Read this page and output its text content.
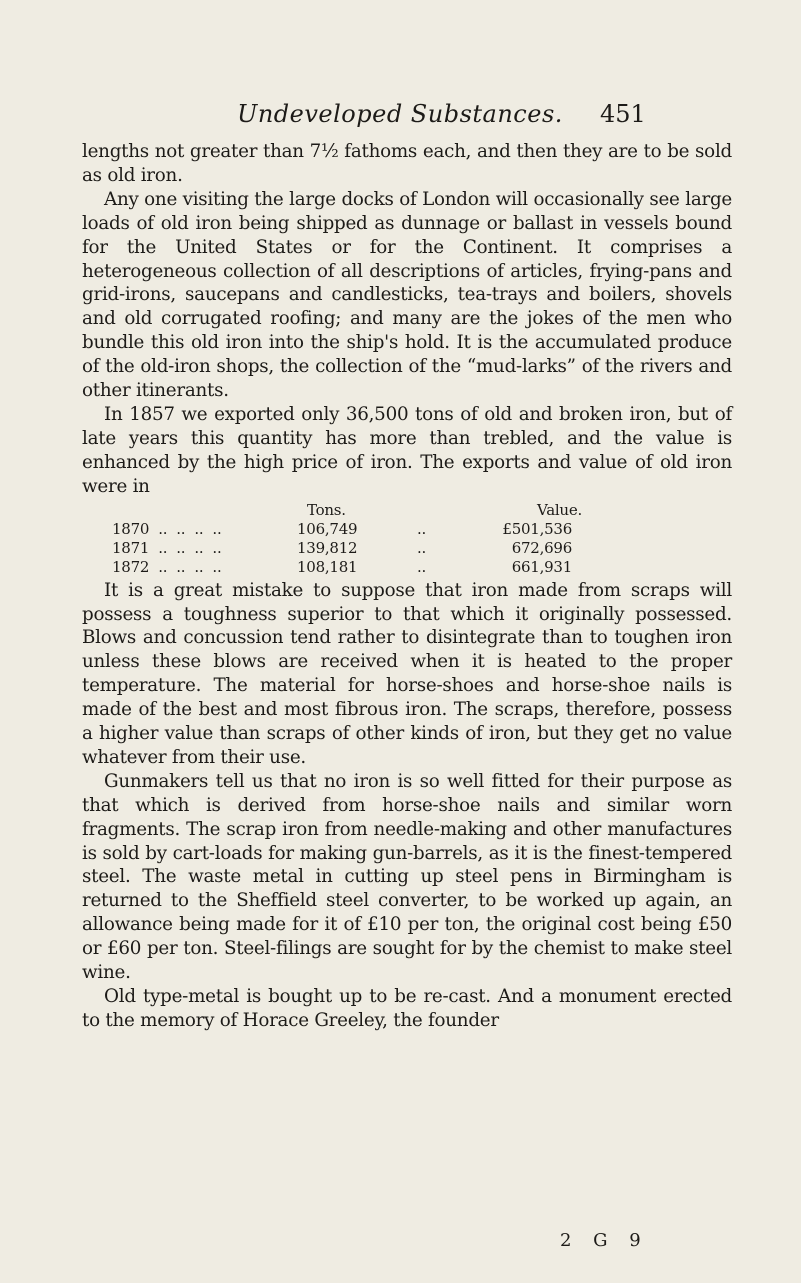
Undeveloped Substances.	451

lengths not greater than 7½ fathoms each, and then they are to be sold as old iron.

Any one visiting the large docks of London will occasionally see large loads of old iron being shipped as dunnage or ballast in vessels bound for the United States or for the Continent. It comprises a heterogeneous collection of all descriptions of articles, frying-pans and grid-irons, saucepans and candlesticks, tea-trays and boilers, shovels and old corrugated roofing; and many are the jokes of the men who bundle this old iron into the ship's hold. It is the accumulated produce of the old-iron shops, the collection of the “mud-larks” of the rivers and other itinerants.

In 1857 we exported only 36,500 tons of old and broken iron, but of late years this quantity has more than trebled, and the value is enhanced by the high price of iron. The exports and value of old iron were in

Tons.	Value.
1870  ..  ..  ..  ..	106,749	..	£501,536
1871  ..  ..  ..  ..	139,812	..	672,696
1872  ..  ..  ..  ..	108,181	..	661,931

It is a great mistake to suppose that iron made from scraps will possess a toughness superior to that which it originally possessed. Blows and concussion tend rather to disintegrate than to toughen iron unless these blows are received when it is heated to the proper temperature. The material for horse-shoes and horse-shoe nails is made of the best and most fibrous iron. The scraps, therefore, possess a higher value than scraps of other kinds of iron, but they get no value whatever from their use.

Gunmakers tell us that no iron is so well fitted for their purpose as that which is derived from horse-shoe nails and similar worn fragments. The scrap iron from needle-making and other manufactures is sold by cart-loads for making gun-barrels, as it is the finest-tempered steel. The waste metal in cutting up steel pens in Birmingham is returned to the Sheffield steel converter, to be worked up again, an allowance being made for it of £10 per ton, the original cost being £50 or £60 per ton. Steel-filings are sought for by the chemist to make steel wine.

Old type-metal is bought up to be re-cast. And a monument erected to the memory of Horace Greeley, the founder

2 G 9
